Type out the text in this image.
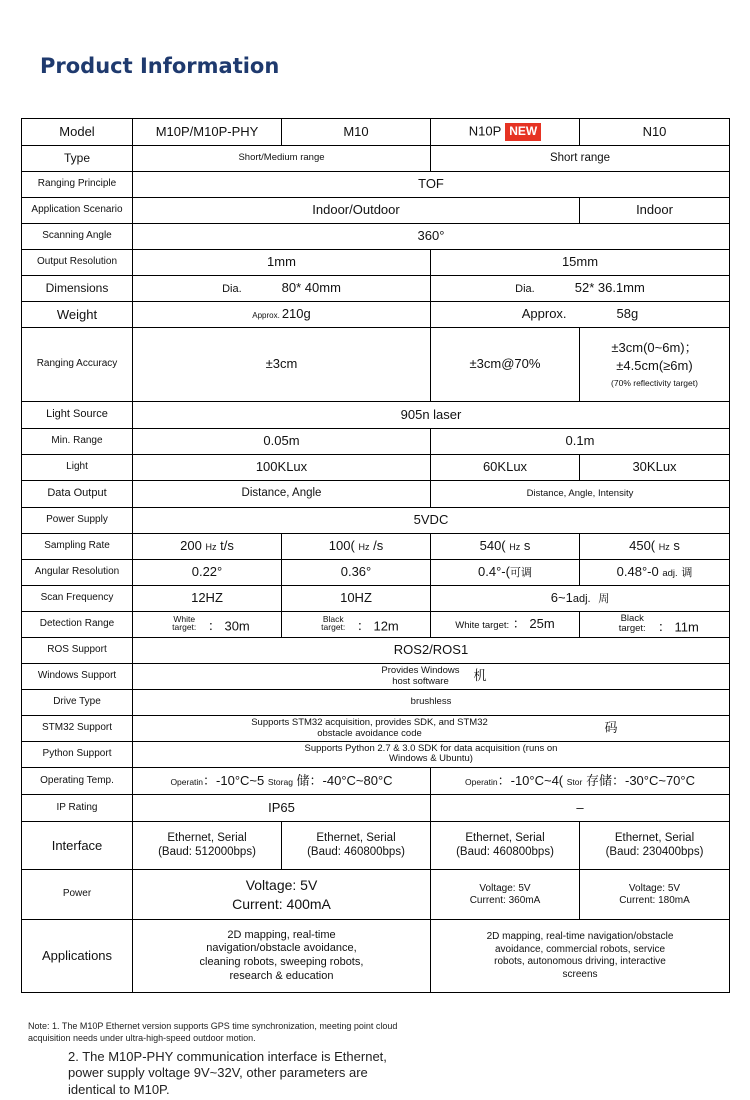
Product Information
Model	M10P/M10P-PHY	M10	N10P NEW	N10
Type	Short/Medium range		Short range	
Ranging Principle	TOF			
Application Scenario	Indoor/Outdoor			Indoor
Scanning Angle	360°			
Output Resolution	1mm		15mm	
Dimensions	Dia. 80* 40mm		Dia. 52* 36.1mm	
Weight	Approx. 210g		Approx. 58g	
Ranging Accuracy	±3cm		±3cm@70%	±3cm(0~6m)；
±4.5cm(≥6m)
(70% reflectivity target)

Light Source	905n laser			
Min. Range	0.05m		0.1m	
Light	100KLux		60KLux	30KLux
Data Output	Distance, Angle		Distance, Angle, Intensity	
Power Supply	5VDC			
Sampling Rate	200 Hz t/s	100( Hz /s	540( Hz s	450( Hz s
Angular Resolution	0.22°	0.36°	0.4°-(可调	0.48°-0 adj. 调
Scan Frequency	12HZ	10HZ	6~1adj. 周	
Detection Range	White target: ： 30m	Black target: ： 12m	White target: ： 25m	Black target: ： 11m
ROS Support	ROS2/ROS1			
Windows Support	Provides Windows host software 机			
Drive Type	brushless			
STM32 Support	Supports STM32 acquisition, provides SDK, and STM32 obstacle avoidance code 码			
Python Support	Supports Python 2.7 & 3.0 SDK for data acquisition (runs on Windows & Ubuntu)			
Operating Temp.	Operatin：-10°C~5 Storag 储：-40°C~80°C		Operatin：-10°C~4( Stor 存储：-30°C~70°C	
IP Rating	IP65		–	
Interface	Ethernet, Serial
(Baud: 512000bps)	Ethernet, Serial
(Baud: 460800bps)	Ethernet, Serial
(Baud: 460800bps)	Ethernet, Serial
(Baud: 230400bps)

Power	Voltage: 5V
Current: 400mA		Voltage: 5V
Current: 360mA	Voltage: 5V
Current: 180mA

Applications	2D mapping, real-time navigation/obstacle avoidance, cleaning robots, sweeping robots, research & education		2D mapping, real-time navigation/obstacle avoidance, commercial robots, service robots, autonomous driving, interactive screens	
Note: 1. The M10P Ethernet version supports GPS time synchronization, meeting point cloud acquisition needs under ultra-high-speed outdoor motion.
2. The M10P-PHY communication interface is Ethernet, power supply voltage 9V~32V, other parameters are identical to M10P.
